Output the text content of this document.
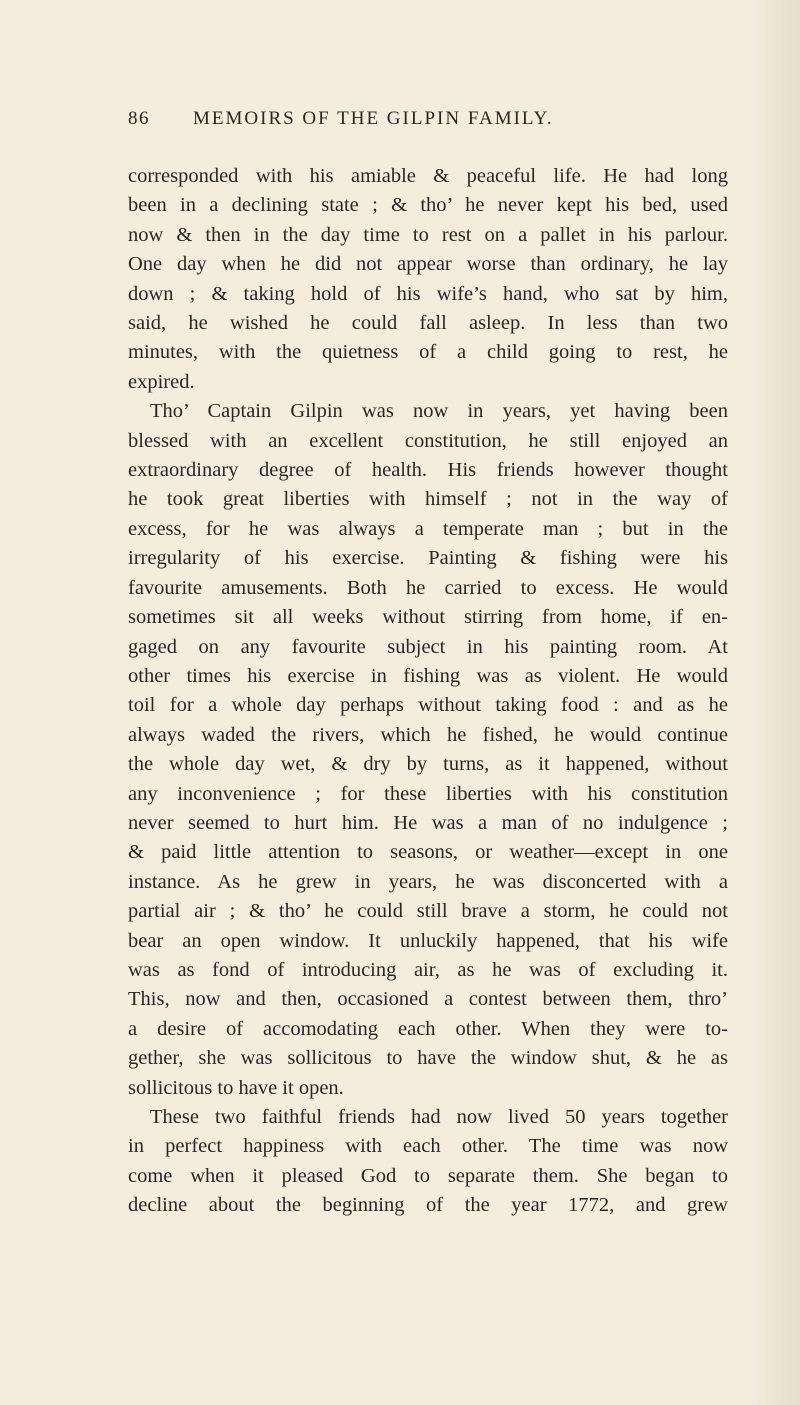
86 MEMOIRS OF THE GILPIN FAMILY.

corresponded with his amiable & peaceful life. He had long
been in a declining state ; & tho’ he never kept his bed, used
now & then in the day time to rest on a pallet in his parlour.
One day when he did not appear worse than ordinary, he lay
down ; & taking hold of his wife’s hand, who sat by him,
said, he wished he could fall asleep. In less than two
minutes, with the quietness of a child going to rest, he
expired.

Tho’ Captain Gilpin was now in years, yet having been
blessed with an excellent constitution, he still enjoyed an
extraordinary degree of health. His friends however thought
he took great liberties with himself ; not in the way of
excess, for he was always a temperate man ; but in the
irregularity of his exercise. Painting & fishing were his
favourite amusements. Both he carried to excess. He would
sometimes sit all weeks without stirring from home, if en-
gaged on any favourite subject in his painting room. At
other times his exercise in fishing was as violent. He would
toil for a whole day perhaps without taking food : and as he
always waded the rivers, which he fished, he would continue
the whole day wet, & dry by turns, as it happened, without
any inconvenience ; for these liberties with his constitution
never seemed to hurt him. He was a man of no indulgence ;
& paid little attention to seasons, or weather—except in one
instance. As he grew in years, he was disconcerted with a
partial air ; & tho’ he could still brave a storm, he could not
bear an open window. It unluckily happened, that his wife
was as fond of introducing air, as he was of excluding it.
This, now and then, occasioned a contest between them, thro’
a desire of accomodating each other. When they were to-
gether, she was sollicitous to have the window shut, & he as
sollicitous to have it open.

These two faithful friends had now lived 50 years together
in perfect happiness with each other. The time was now
come when it pleased God to separate them. She began to
decline about the beginning of the year 1772, and grew
